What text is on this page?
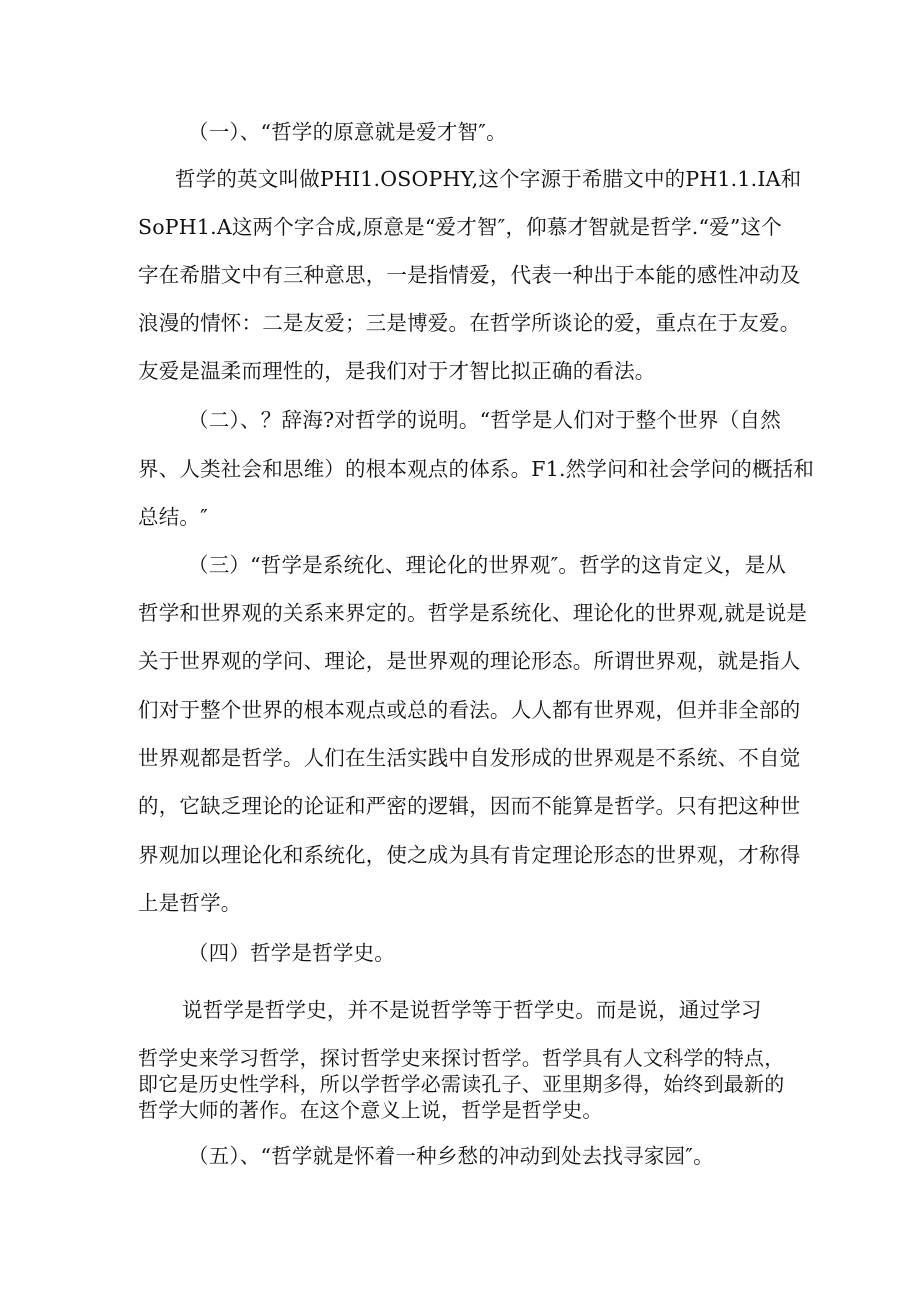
（一）、“哲学的原意就是爱才智″。
哲学的英文叫做PHI1.OSOPHY,这个字源于希腊文中的PH1.1.IA和
SoPH1.A这两个字合成,原意是“爱才智″，仰慕才智就是哲学.“爱”这个
字在希腊文中有三种意思，一是指情爱，代表一种出于本能的感性冲动及
浪漫的情怀：二是友爱；三是博爱。在哲学所谈论的爱，重点在于友爱。
友爱是温柔而理性的，是我们对于才智比拟正确的看法。
（二）、？辞海?对哲学的说明。“哲学是人们对于整个世界（自然
界、人类社会和思维）的根本观点的体系。F1.然学问和社会学问的概括和
总结。″
（三）“哲学是系统化、理论化的世界观″。哲学的这肯定义，是从
哲学和世界观的关系来界定的。哲学是系统化、理论化的世界观,就是说是
关于世界观的学问、理论，是世界观的理论形态。所谓世界观，就是指人
们对于整个世界的根本观点或总的看法。人人都有世界观，但并非全部的
世界观都是哲学。人们在生活实践中自发形成的世界观是不系统、不自觉
的，它缺乏理论的论证和严密的逻辑，因而不能算是哲学。只有把这种世
界观加以理论化和系统化，使之成为具有肯定理论形态的世界观，才称得
上是哲学。
（四）哲学是哲学史。
说哲学是哲学史，并不是说哲学等于哲学史。而是说，通过学习
哲学史来学习哲学，探讨哲学史来探讨哲学。哲学具有人文科学的特点，
即它是历史性学科，所以学哲学必需读孔子、亚里期多得，始终到最新的
哲学大师的著作。在这个意义上说，哲学是哲学史。
（五）、“哲学就是怀着一种乡愁的冲动到处去找寻家园″。
